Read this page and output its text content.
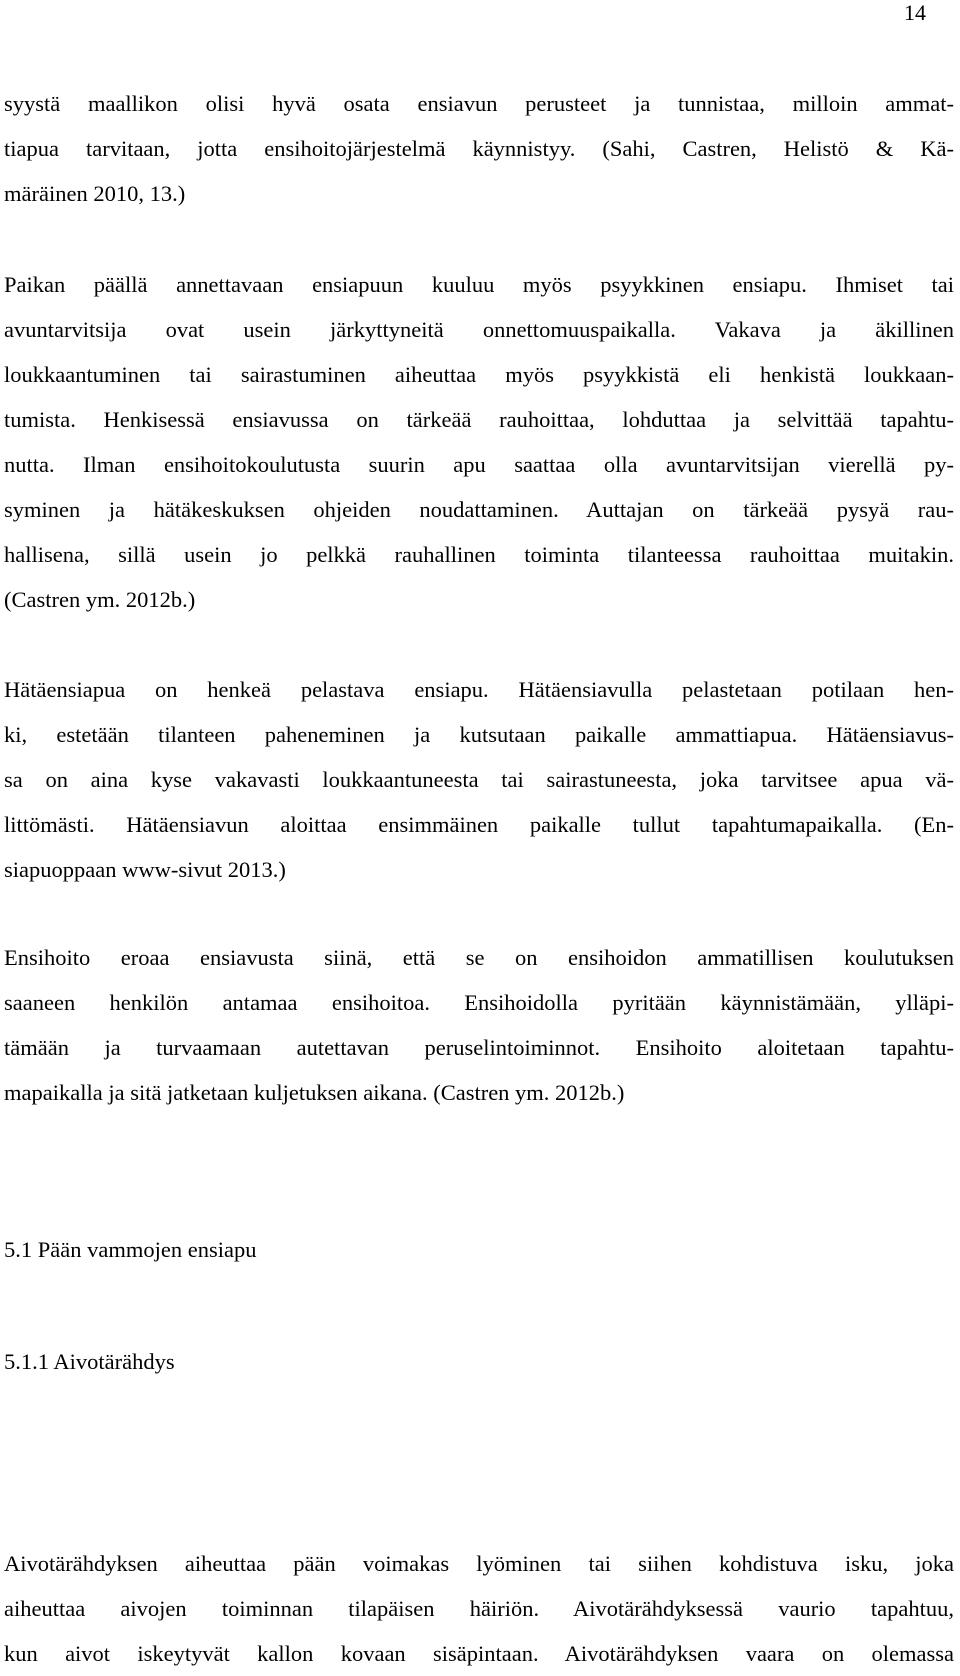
14

syystä maallikon olisi hyvä osata ensiavun perusteet ja tunnistaa, milloin ammat-
tiapua tarvitaan, jotta ensihoitojärjestelmä käynnistyy. (Sahi, Castren, Helistö & Kä-
märäinen 2010, 13.)

Paikan päällä annettavaan ensiapuun kuuluu myös psyykkinen ensiapu. Ihmiset tai
avuntarvitsija ovat usein järkyttyneitä onnettomuuspaikalla. Vakava ja äkillinen
loukkaantuminen tai sairastuminen aiheuttaa myös psyykkistä eli henkistä loukkaan-
tumista. Henkisessä ensiavussa on tärkeää rauhoittaa, lohduttaa ja selvittää tapahtu-
nutta. Ilman ensihoitokoulutusta suurin apu saattaa olla avuntarvitsijan vierellä py-
syminen ja hätäkeskuksen ohjeiden noudattaminen. Auttajan on tärkeää pysyä rau-
hallisena, sillä usein jo pelkkä rauhallinen toiminta tilanteessa rauhoittaa muitakin.
(Castren ym. 2012b.)

Hätäensiapua on henkeä pelastava ensiapu. Hätäensiavulla pelastetaan potilaan hen-
ki, estetään tilanteen paheneminen ja kutsutaan paikalle ammattiapua. Hätäensiavus-
sa on aina kyse vakavasti loukkaantuneesta tai sairastuneesta, joka tarvitsee apua vä-
littömästi. Hätäensiavun aloittaa ensimmäinen paikalle tullut tapahtumapaikalla. (En-
siapuoppaan www-sivut 2013.)

Ensihoito eroaa ensiavusta siinä, että se on ensihoidon ammatillisen koulutuksen
saaneen henkilön antamaa ensihoitoa. Ensihoidolla pyritään käynnistämään, ylläpi-
tämään ja turvaamaan autettavan peruselintoiminnot. Ensihoito aloitetaan tapahtu-
mapaikalla ja sitä jatketaan kuljetuksen aikana. (Castren ym. 2012b.)

5.1 Pään vammojen ensiapu
5.1.1 Aivotärähdys

Aivotärähdyksen aiheuttaa pään voimakas lyöminen tai siihen kohdistuva isku, joka
aiheuttaa aivojen toiminnan tilapäisen häiriön. Aivotärähdyksessä vaurio tapahtuu,
kun aivot iskeytyvät kallon kovaan sisäpintaan. Aivotärähdyksen vaara on olemassa
